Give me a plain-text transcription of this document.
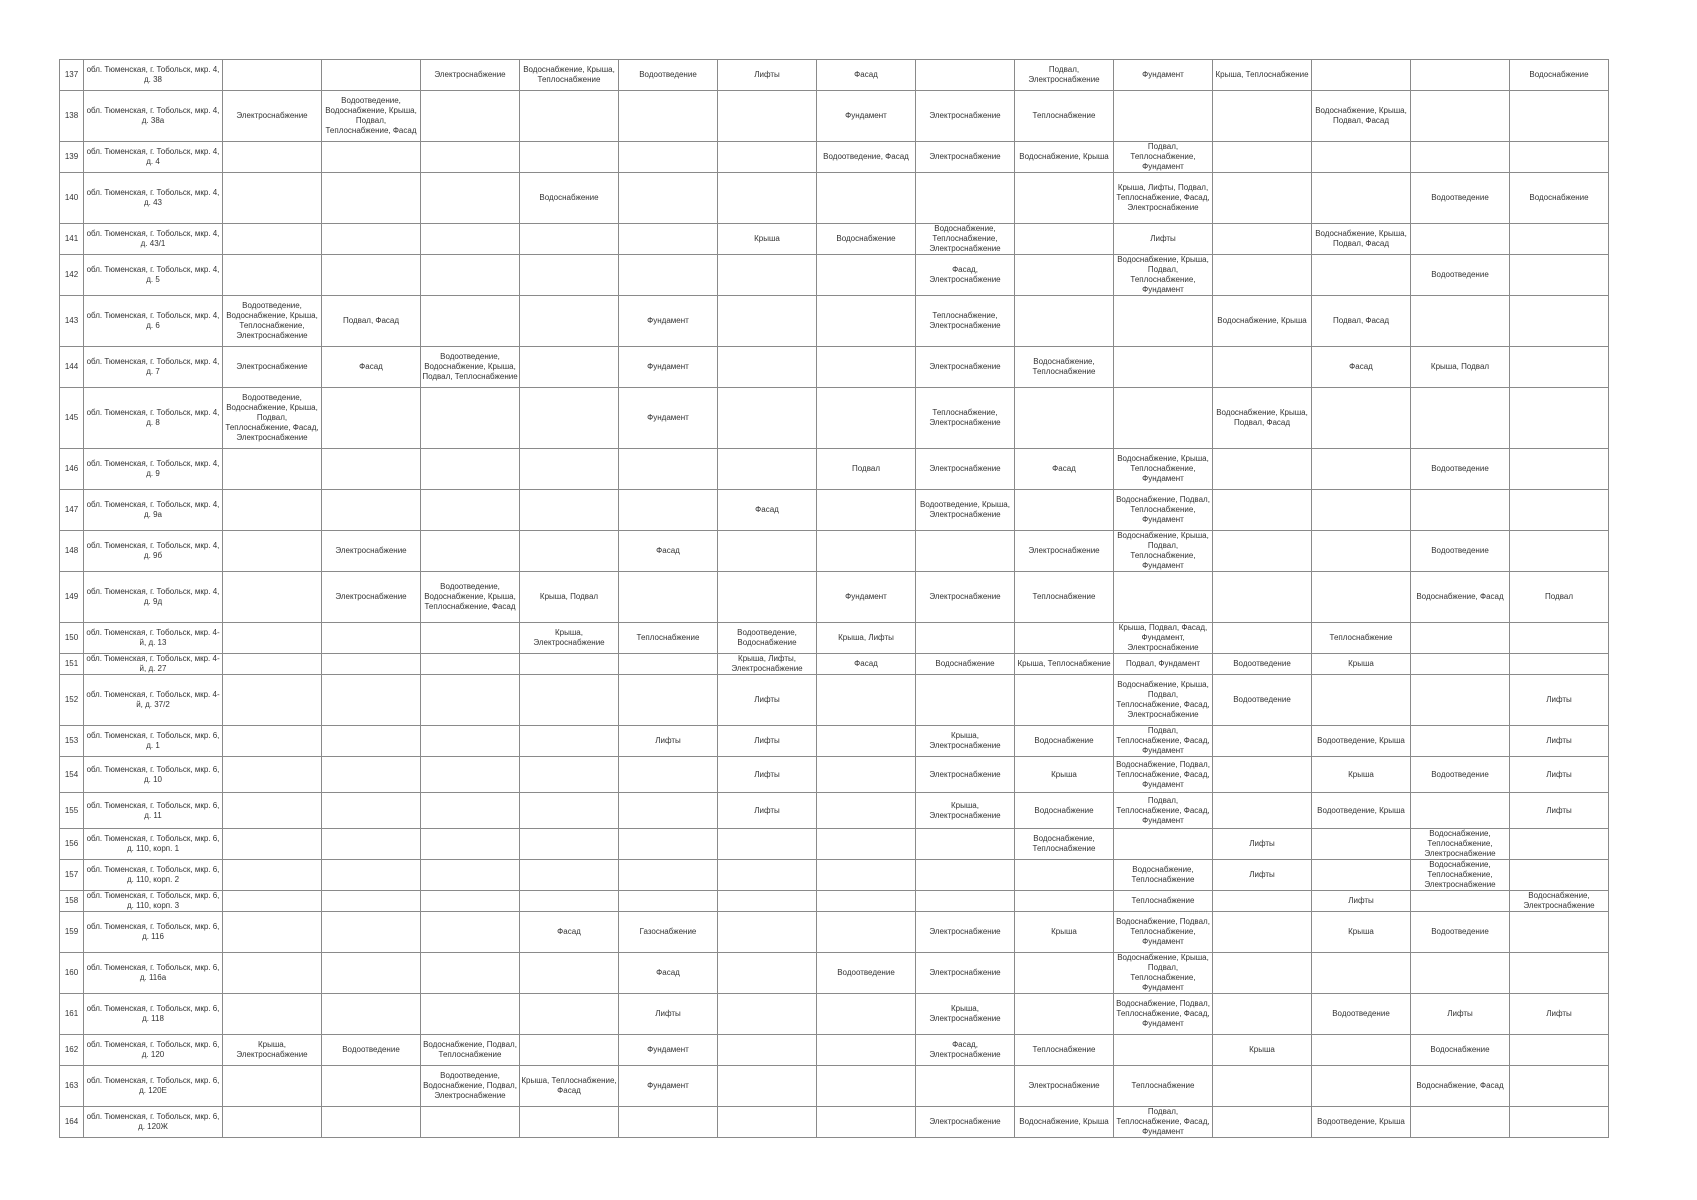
137	обл. Тюменская, г. Тобольск, мкр. 4, д. 38			Электроснабжение	Водоснабжение, Крыша, Теплоснабжение	Водоотведение	Лифты	Фасад		Подвал, Электроснабжение	Фундамент	Крыша, Теплоснабжение			Водоснабжение
138	обл. Тюменская, г. Тобольск, мкр. 4, д. 38а	Электроснабжение	Водоотведение, Водоснабжение, Крыша, Подвал, Теплоснабжение, Фасад					Фундамент	Электроснабжение	Теплоснабжение			Водоснабжение, Крыша, Подвал, Фасад		
139	обл. Тюменская, г. Тобольск, мкр. 4, д. 4							Водоотведение, Фасад	Электроснабжение	Водоснабжение, Крыша	Подвал, Теплоснабжение, Фундамент				
140	обл. Тюменская, г. Тобольск, мкр. 4, д. 43				Водоснабжение						Крыша, Лифты, Подвал, Теплоснабжение, Фасад, Электроснабжение			Водоотведение	Водоснабжение
141	обл. Тюменская, г. Тобольск, мкр. 4, д. 43/1						Крыша	Водоснабжение	Водоснабжение, Теплоснабжение, Электроснабжение		Лифты		Водоснабжение, Крыша, Подвал, Фасад		
142	обл. Тюменская, г. Тобольск, мкр. 4, д. 5								Фасад, Электроснабжение		Водоснабжение, Крыша, Подвал, Теплоснабжение, Фундамент			Водоотведение	
143	обл. Тюменская, г. Тобольск, мкр. 4, д. 6	Водоотведение, Водоснабжение, Крыша, Теплоснабжение, Электроснабжение	Подвал, Фасад			Фундамент			Теплоснабжение, Электроснабжение			Водоснабжение, Крыша	Подвал, Фасад		
144	обл. Тюменская, г. Тобольск, мкр. 4, д. 7	Электроснабжение	Фасад	Водоотведение, Водоснабжение, Крыша, Подвал, Теплоснабжение		Фундамент			Электроснабжение	Водоснабжение, Теплоснабжение			Фасад	Крыша, Подвал	
145	обл. Тюменская, г. Тобольск, мкр. 4, д. 8	Водоотведение, Водоснабжение, Крыша, Подвал, Теплоснабжение, Фасад, Электроснабжение				Фундамент			Теплоснабжение, Электроснабжение			Водоснабжение, Крыша, Подвал, Фасад			
146	обл. Тюменская, г. Тобольск, мкр. 4, д. 9							Подвал	Электроснабжение	Фасад	Водоснабжение, Крыша, Теплоснабжение, Фундамент			Водоотведение	
147	обл. Тюменская, г. Тобольск, мкр. 4, д. 9а						Фасад		Водоотведение, Крыша, Электроснабжение		Водоснабжение, Подвал, Теплоснабжение, Фундамент				
148	обл. Тюменская, г. Тобольск, мкр. 4, д. 9б		Электроснабжение			Фасад				Электроснабжение	Водоснабжение, Крыша, Подвал, Теплоснабжение, Фундамент			Водоотведение	
149	обл. Тюменская, г. Тобольск, мкр. 4, д. 9д		Электроснабжение	Водоотведение, Водоснабжение, Крыша, Теплоснабжение, Фасад	Крыша, Подвал			Фундамент	Электроснабжение	Теплоснабжение				Водоснабжение, Фасад	Подвал
150	обл. Тюменская, г. Тобольск, мкр. 4-й, д. 13				Крыша, Электроснабжение	Теплоснабжение	Водоотведение, Водоснабжение	Крыша, Лифты			Крыша, Подвал, Фасад, Фундамент, Электроснабжение		Теплоснабжение		
151	обл. Тюменская, г. Тобольск, мкр. 4-й, д. 27						Крыша, Лифты, Электроснабжение	Фасад	Водоснабжение	Крыша, Теплоснабжение	Подвал, Фундамент	Водоотведение	Крыша		
152	обл. Тюменская, г. Тобольск, мкр. 4-й, д. 37/2						Лифты				Водоснабжение, Крыша, Подвал, Теплоснабжение, Фасад, Электроснабжение	Водоотведение			Лифты
153	обл. Тюменская, г. Тобольск, мкр. 6, д. 1					Лифты	Лифты		Крыша, Электроснабжение	Водоснабжение	Подвал, Теплоснабжение, Фасад, Фундамент		Водоотведение, Крыша		Лифты
154	обл. Тюменская, г. Тобольск, мкр. 6, д. 10						Лифты		Электроснабжение	Крыша	Водоснабжение, Подвал, Теплоснабжение, Фасад, Фундамент		Крыша	Водоотведение	Лифты
155	обл. Тюменская, г. Тобольск, мкр. 6, д. 11						Лифты		Крыша, Электроснабжение	Водоснабжение	Подвал, Теплоснабжение, Фасад, Фундамент		Водоотведение, Крыша		Лифты
156	обл. Тюменская, г. Тобольск, мкр. 6, д. 110, корп. 1									Водоснабжение, Теплоснабжение		Лифты		Водоснабжение, Теплоснабжение, Электроснабжение	
157	обл. Тюменская, г. Тобольск, мкр. 6, д. 110, корп. 2										Водоснабжение, Теплоснабжение	Лифты		Водоснабжение, Теплоснабжение, Электроснабжение	
158	обл. Тюменская, г. Тобольск, мкр. 6, д. 110, корп. 3										Теплоснабжение		Лифты		Водоснабжение, Электроснабжение
159	обл. Тюменская, г. Тобольск, мкр. 6, д. 116				Фасад	Газоснабжение			Электроснабжение	Крыша	Водоснабжение, Подвал, Теплоснабжение, Фундамент		Крыша	Водоотведение	
160	обл. Тюменская, г. Тобольск, мкр. 6, д. 116а					Фасад		Водоотведение	Электроснабжение		Водоснабжение, Крыша, Подвал, Теплоснабжение, Фундамент				
161	обл. Тюменская, г. Тобольск, мкр. 6, д. 118					Лифты			Крыша, Электроснабжение		Водоснабжение, Подвал, Теплоснабжение, Фасад, Фундамент		Водоотведение	Лифты	Лифты
162	обл. Тюменская, г. Тобольск, мкр. 6, д. 120	Крыша, Электроснабжение	Водоотведение	Водоснабжение, Подвал, Теплоснабжение		Фундамент			Фасад, Электроснабжение	Теплоснабжение		Крыша		Водоснабжение	
163	обл. Тюменская, г. Тобольск, мкр. 6, д. 120Е			Водоотведение, Водоснабжение, Подвал, Электроснабжение	Крыша, Теплоснабжение, Фасад	Фундамент				Электроснабжение	Теплоснабжение			Водоснабжение, Фасад	
164	обл. Тюменская, г. Тобольск, мкр. 6, д. 120Ж								Электроснабжение	Водоснабжение, Крыша	Подвал, Теплоснабжение, Фасад, Фундамент		Водоотведение, Крыша		
